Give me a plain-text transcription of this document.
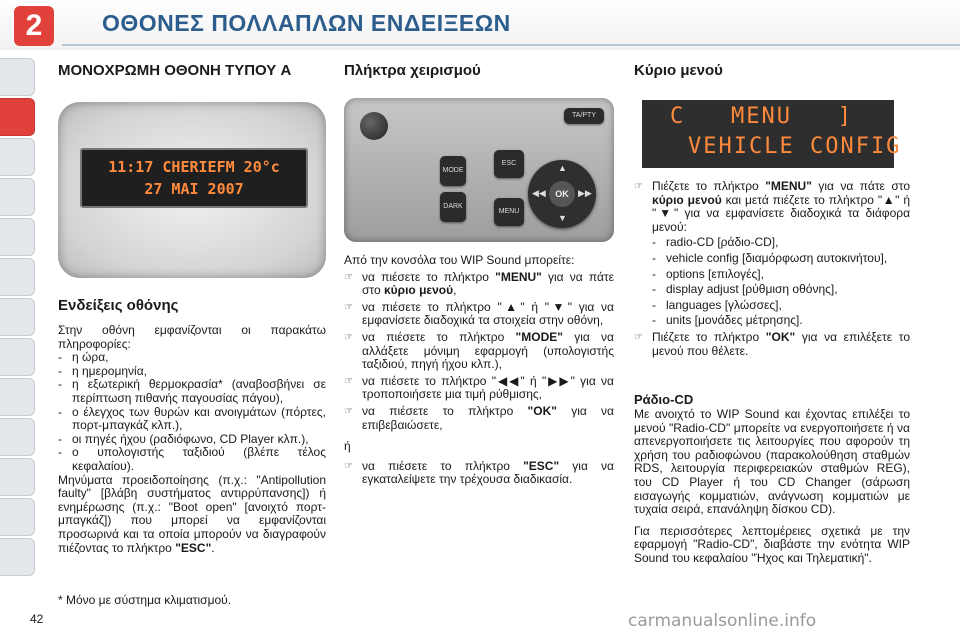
2	ΟΘΟΝΕΣ ΠΟΛΛΑΠΛΩΝ ΕΝΔΕΙΞΕΩΝ
ΜΟΝΟΧΡΩΜΗ ΟΘΟΝΗ ΤΥΠΟΥ A
11:17 CHERIEFM 20°c
27 MAI 2007
Ενδείξεις οθόνης

Στην οθόνη εμφανίζονται οι παρακάτω πληροφορίες:

- η ώρα,
- η ημερομηνία,
- η εξωτερική θερμοκρασία* (αναβοσβήνει σε περίπτωση πιθανής παγουσίας πάγου),
- ο έλεγχος των θυρών και ανοιγμάτων (πόρτες, πορτ-μπαγκάζ κλπ.),
- οι πηγές ήχου (ραδιόφωνο, CD Player κλπ.),
- ο υπολογιστής ταξιδιού (βλέπε τέλος κεφαλαίου).

Μηνύματα προειδοποίησης (π.χ.: "Antipollution faulty" [βλάβη συστήματος αντιρρύπανσης]) ή ενημέρωσης (π.χ.: "Boot open" [ανοιχτό πορτ-μπαγκάζ]) που μπορεί να εμφανίζονται προσωρινά και τα οποία μπορούν να διαγραφούν πιέζοντας το πλήκτρο "ESC".

* Μόνο με σύστημα κλιματισμού.
Πλήκτρα χειρισμού
TA/PTY
MODE
DARK
ESC
MENU
▲
▼
◀◀	▶▶
OK

Από την κονσόλα του WIP Sound μπορείτε:

☞ να πιέσετε το πλήκτρο "MENU" για να πάτε στο κύριο μενού,
☞ να πιέσετε το πλήκτρο "▲" ή "▼" για να εμφανίσετε διαδοχικά τα στοιχεία στην οθόνη,
☞ να πιέσετε το πλήκτρο "MODE" για να αλλάξετε μόνιμη εφαρμογή (υπολογιστής ταξιδιού, πηγή ήχου κλπ.),
☞ να πιέσετε το πλήκτρο "◀◀" ή "▶▶" για να τροποποιήσετε μια τιμή ρύθμισης,
☞ να πιέσετε το πλήκτρο "OK" για να επιβεβαιώσετε,

ή

☞ να πιέσετε το πλήκτρο "ESC" για να εγκαταλείψετε την τρέχουσα διαδικασία.
Κύριο μενού
C   MENU   ]
VEHICLE CONFIG
☞ Πιέζετε το πλήκτρο "MENU" για να πάτε στο κύριο μενού και μετά πιέζετε το πλήκτρο "▲" ή "▼" για να εμφανίσετε διαδοχικά τα διάφορα μενού:
- radio-CD [ράδιο-CD],
- vehicle config [διαμόρφωση αυτοκινήτου],
- options [επιλογές],
- display adjust [ρύθμιση οθόνης],
- languages [γλώσσες],
- units [μονάδες μέτρησης].
☞ Πιέζετε το πλήκτρο "OK" για να επιλέξετε το μενού που θέλετε.
Ράδιο-CD

Με ανοιχτό το WIP Sound και έχοντας επιλέξει το μενού "Radio-CD" μπορείτε να ενεργοποιήσετε ή να απενεργοποιήσετε τις λειτουργίες που αφορούν τη χρήση του ραδιοφώνου (παρακολούθηση σταθμών RDS, λειτουργία περιφερειακών σταθμών REG), του CD Player ή του CD Changer (σάρωση εισαγωγής κομματιών, ανάγνωση κομματιών με τυχαία σειρά, επανάληψη δίσκου CD).

Για περισσότερες λεπτομέρειες σχετικά με την εφαρμογή "Radio-CD", διαβάστε την ενότητα WIP Sound του κεφαλαίου "Ήχος και Τηλεματική".

42	carmanualsonline.info
